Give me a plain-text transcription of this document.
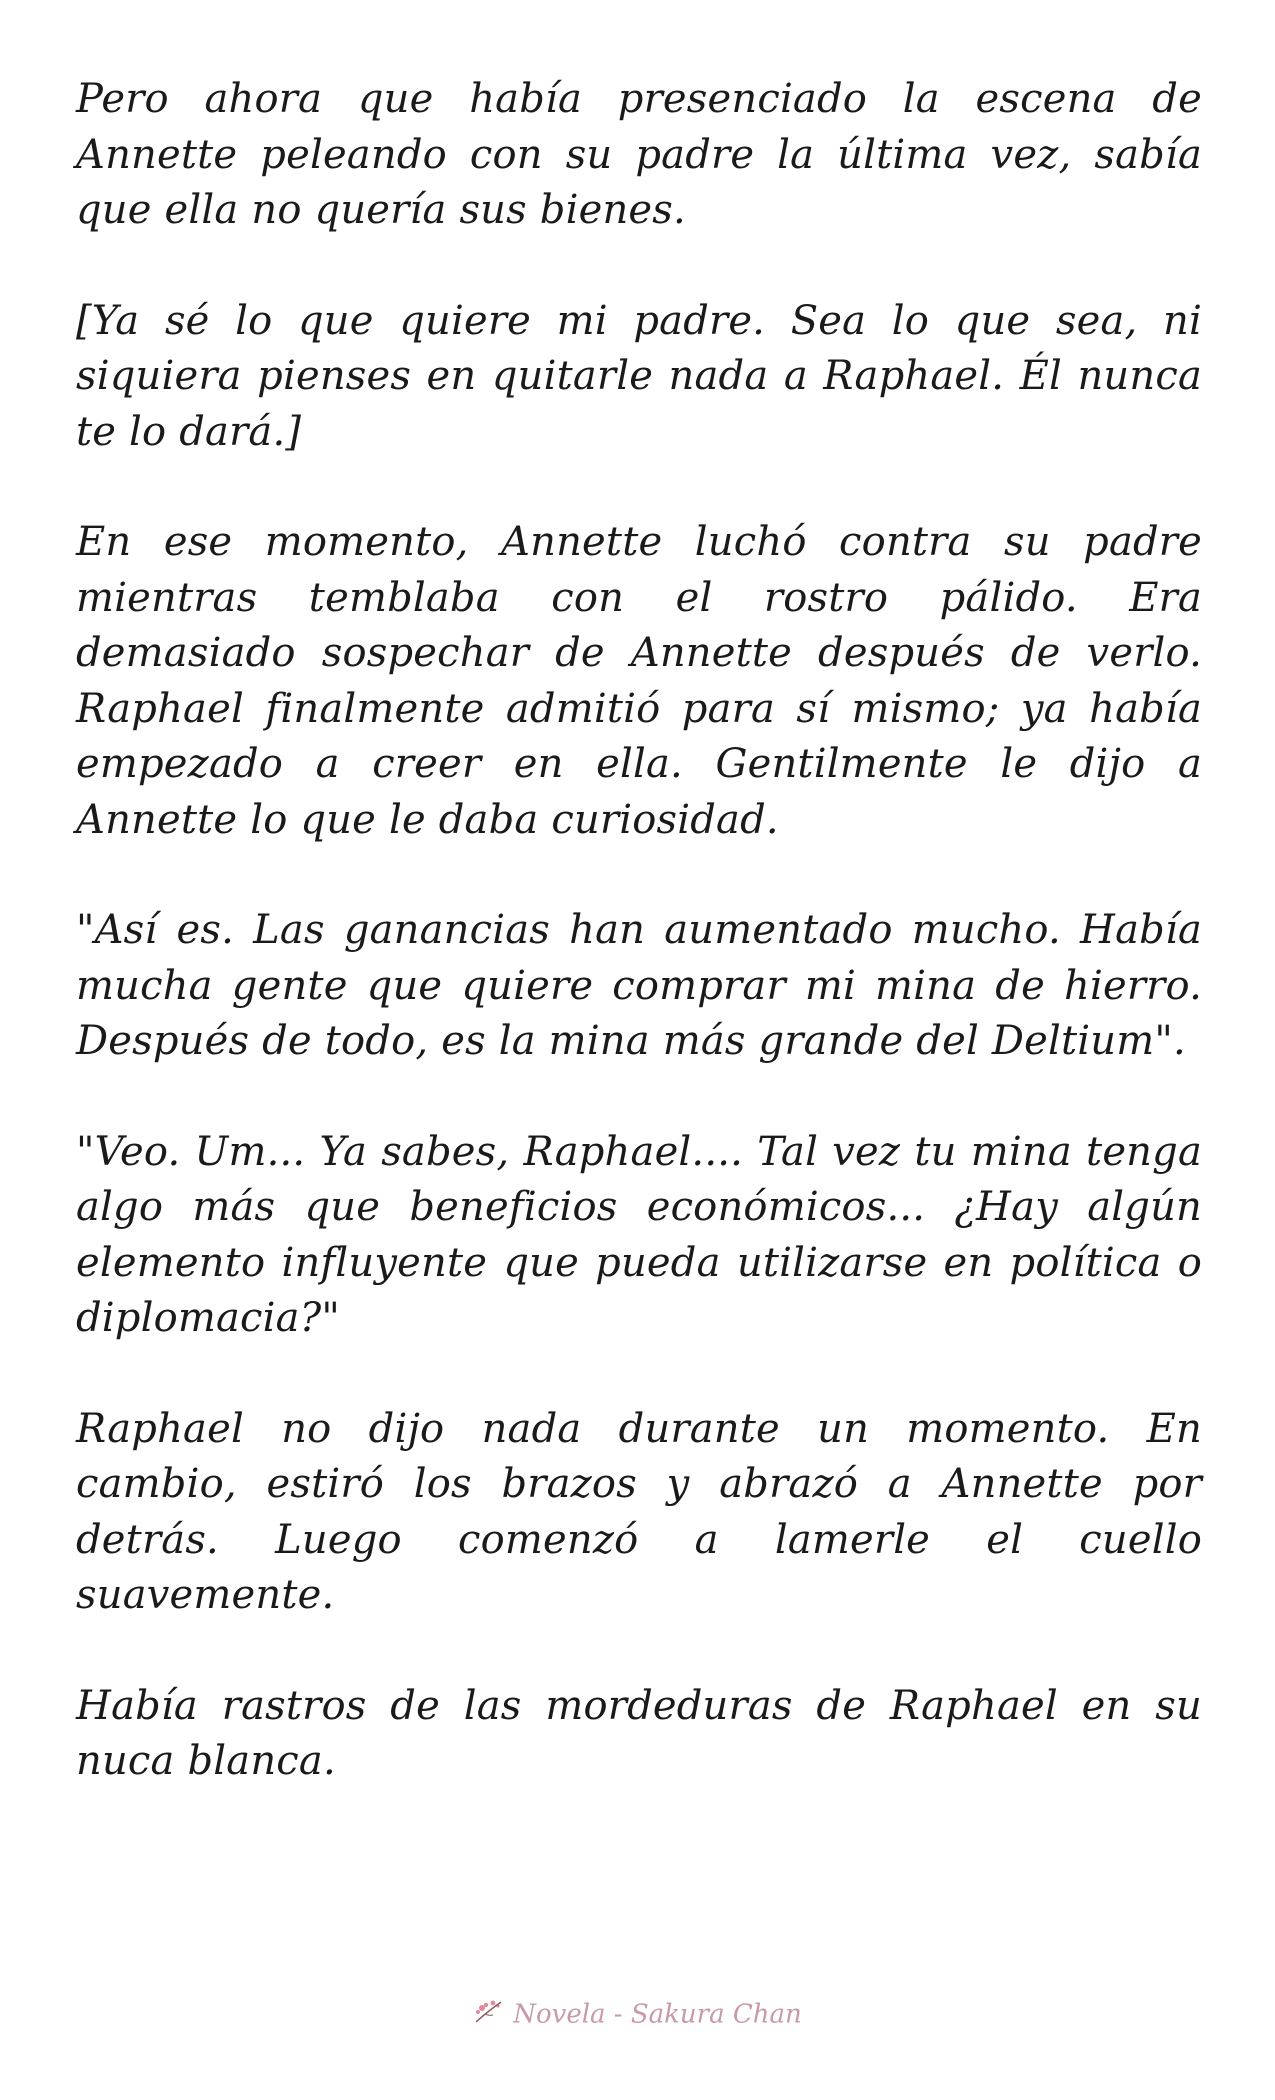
Pero ahora que había presenciado la escena de Annette peleando con su padre la última vez, sabía que ella no quería sus bienes.

[Ya sé lo que quiere mi padre. Sea lo que sea, ni siquiera pienses en quitarle nada a Raphael. Él nunca te lo dará.]

En ese momento, Annette luchó contra su padre mientras temblaba con el rostro pálido. Era demasiado sospechar de Annette después de verlo. Raphael finalmente admitió para sí mismo; ya había empezado a creer en ella. Gentilmente le dijo a Annette lo que le daba curiosidad.

"Así es. Las ganancias han aumentado mucho. Había mucha gente que quiere comprar mi mina de hierro. Después de todo, es la mina más grande del Deltium".

"Veo. Um... Ya sabes, Raphael.... Tal vez tu mina tenga algo más que beneficios económicos... ¿Hay algún elemento influyente que pueda utilizarse en política o diplomacia?"

Raphael no dijo nada durante un momento. En cambio, estiró los brazos y abrazó a Annette por detrás. Luego comenzó a lamerle el cuello suavemente.

Había rastros de las mordeduras de Raphael en su nuca blanca.

Novela - Sakura Chan
